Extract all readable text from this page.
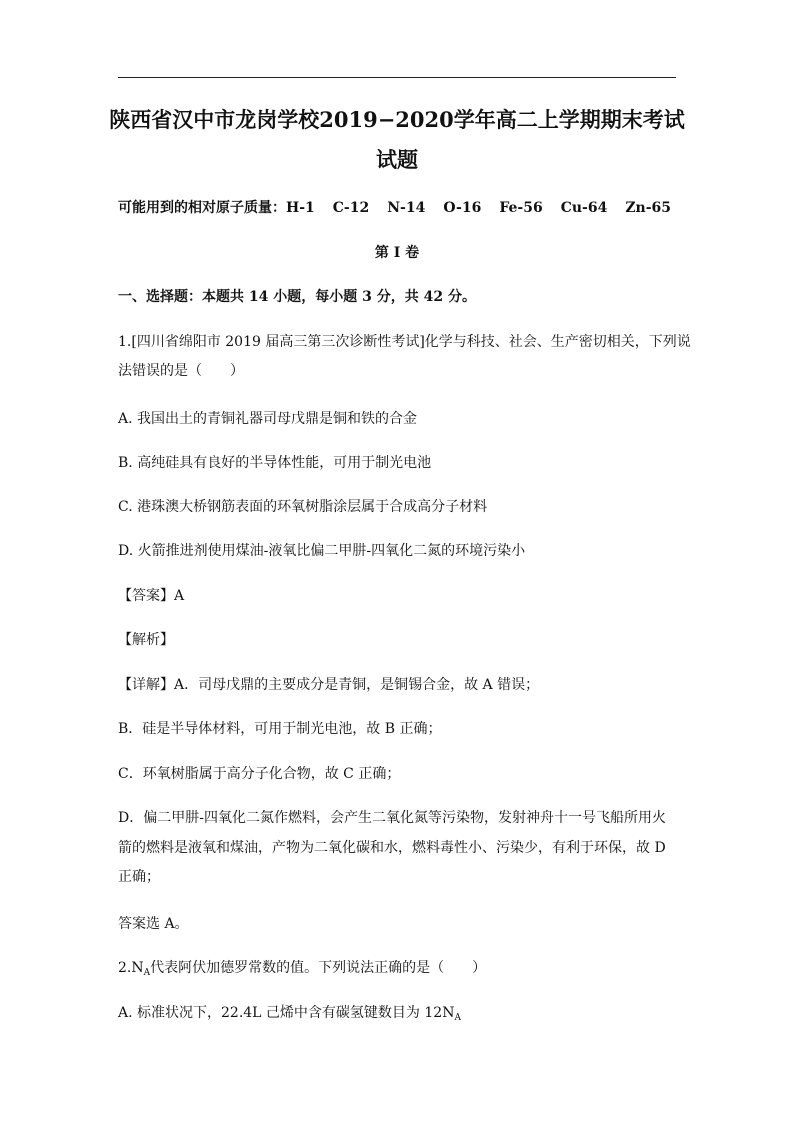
陕西省汉中市龙岗学校2019−2020学年高二上学期期末考试
试题
可能用到的相对原子质量：H-1 C-12 N-14 O-16 Fe-56 Cu-64 Zn-65
第 I 卷
一、选择题：本题共 14 小题，每小题 3 分，共 42 分。
1.[四川省绵阳市 2019 届高三第三次诊断性考试]化学与科技、社会、生产密切相关，下列说
法错误的是（　　）
A. 我国出土的青铜礼器司母戊鼎是铜和铁的合金
B. 高纯硅具有良好的半导体性能，可用于制光电池
C. 港珠澳大桥钢筋表面的环氧树脂涂层属于合成高分子材料
D. 火箭推进剂使用煤油-液氧比偏二甲肼-四氧化二氮的环境污染小
【答案】A
【解析】
【详解】A．司母戊鼎的主要成分是青铜，是铜锡合金，故 A 错误；
B．硅是半导体材料，可用于制光电池，故 B 正确；
C．环氧树脂属于高分子化合物，故 C 正确；
D．偏二甲肼-四氧化二氮作燃料，会产生二氧化氮等污染物，发射神舟十一号飞船所用火
箭的燃料是液氧和煤油，产物为二氧化碳和水，燃料毒性小、污染少，有利于环保，故 D
正确；
答案选 A。
$2.N_A$代表阿伏加德罗常数的值。下列说法正确的是（　　）
A. 标准状况下，22.4L 己烯中含有碳氢键数目为 $12N_A$
